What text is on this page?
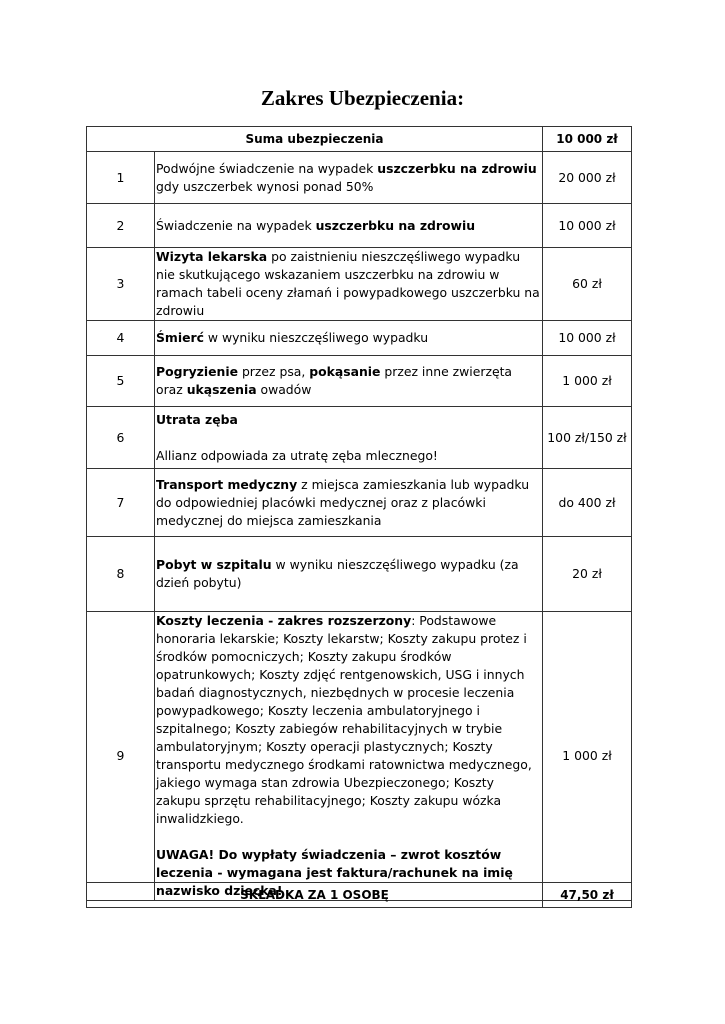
Zakres Ubezpieczenia:
Suma ubezpieczenia		10 000 zł
1	Podwójne świadczenie na wypadek uszczerbku na zdrowiu gdy uszczerbek wynosi ponad 50%	20 000 zł
2	Świadczenie na wypadek uszczerbku na zdrowiu	10 000 zł
3	Wizyta lekarska po zaistnieniu nieszczęśliwego wypadku nie skutkującego wskazaniem uszczerbku na zdrowiu w ramach tabeli oceny złamań i powypadkowego uszczerbku na zdrowiu	60 zł
4	Śmierć w wyniku nieszczęśliwego wypadku	10 000 zł
5	Pogryzienie przez psa, pokąsanie przez inne zwierzęta oraz ukąszenia owadów	1 000 zł
6	Utrata zęba

Allianz odpowiada za utratę zęba mlecznego!	100 zł/150 zł
7	Transport medyczny z miejsca zamieszkania lub wypadku do odpowiedniej placówki medycznej oraz z placówki medycznej do miejsca zamieszkania	do 400 zł
8	Pobyt w szpitalu w wyniku nieszczęśliwego wypadku (za dzień pobytu)	20 zł
9	Koszty leczenia - zakres rozszerzony: Podstawowe honoraria lekarskie; Koszty lekarstw; Koszty zakupu protez i środków pomocniczych; Koszty zakupu środków opatrunkowych; Koszty zdjęć rentgenowskich, USG i innych badań diagnostycznych, niezbędnych w procesie leczenia powypadkowego; Koszty leczenia ambulatoryjnego i szpitalnego; Koszty zabiegów rehabilitacyjnych w trybie ambulatoryjnym; Koszty operacji plastycznych; Koszty transportu medycznego środkami ratownictwa medycznego, jakiego wymaga stan zdrowia Ubezpieczonego; Koszty zakupu sprzętu rehabilitacyjnego; Koszty zakupu wózka inwalidzkiego.

UWAGA! Do wypłaty świadczenia – zwrot kosztów leczenia - wymagana jest faktura/rachunek na imię nazwisko dziecka!	1 000 zł
SKŁADKA ZA 1 OSOBĘ	47,50 zł
